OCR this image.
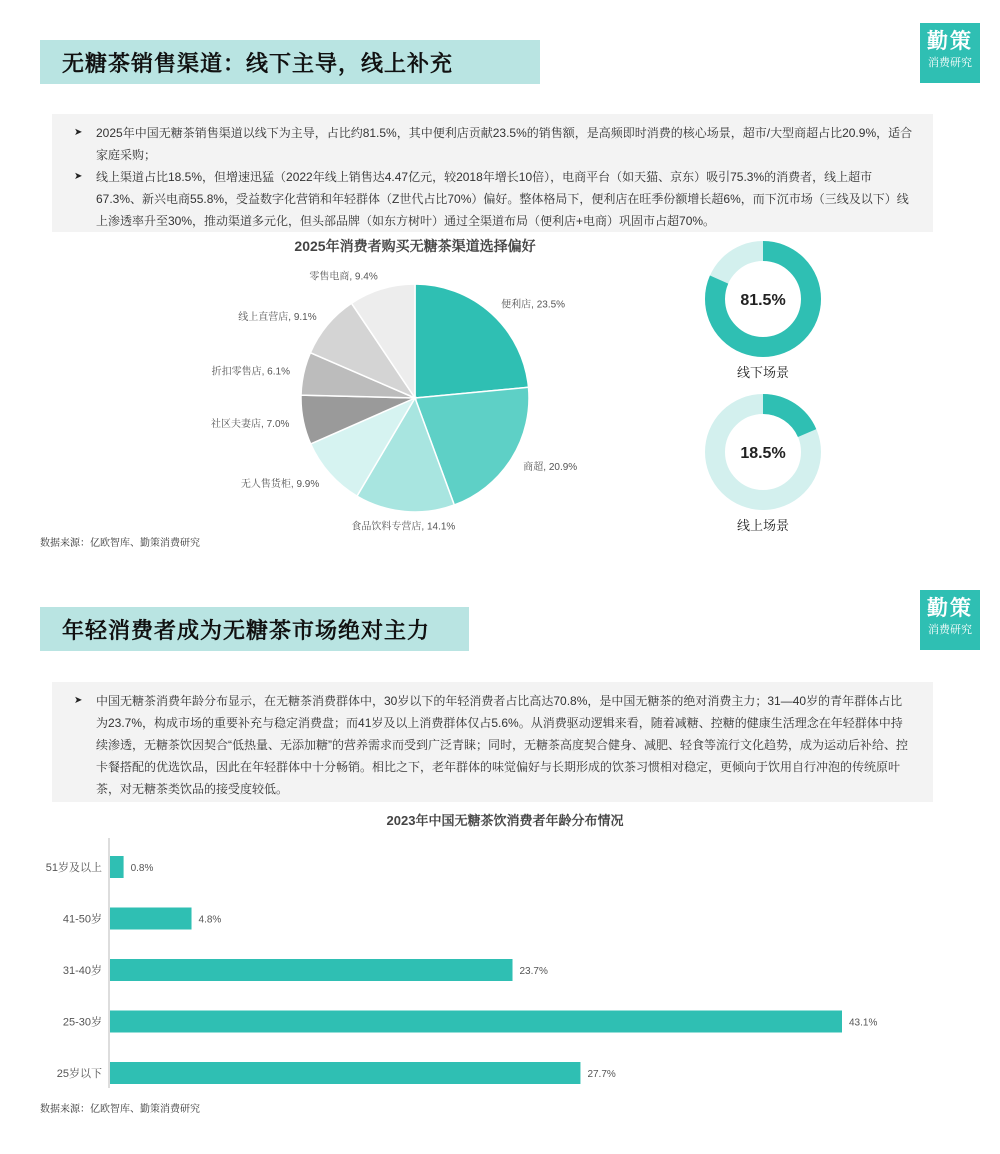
无糖茶销售渠道：线下主导，线上补充
勤策
消费研究

➤ 2025年中国无糖茶销售渠道以线下为主导，占比约81.5%，其中便利店贡献23.5%的销售额，是高频即时消费的核心场景，超市/大型商超占比20.9%，适合家庭采购；

➤ 线上渠道占比18.5%，但增速迅猛（2022年线上销售达4.47亿元，较2018年增长10倍），电商平台（如天猫、京东）吸引75.3%的消费者，线上超市67.3%、新兴电商55.8%，受益数字化营销和年轻群体（Z世代占比70%）偏好。整体格局下，便利店在旺季份额增长超6%，而下沉市场（三线及以下）线上渗透率升至30%，推动渠道多元化，但头部品牌（如东方树叶）通过全渠道布局（便利店+电商）巩固市占超70%。

2025年消费者购买无糖茶渠道选择偏好
便利店, 23.5%
商超, 20.9%
食品饮料专营店, 14.1%
无人售货柜, 9.9%
社区夫妻店, 7.0%
折扣零售店, 6.1%
线上直营店, 9.1%
零售电商, 9.4%
81.5%
线下场景
18.5%
线上场景
数据来源：亿欧智库、勤策消费研究
年轻消费者成为无糖茶市场绝对主力
勤策
消费研究

➤ 中国无糖茶消费年龄分布显示，在无糖茶消费群体中，30岁以下的年轻消费者占比高达70.8%，是中国无糖茶的绝对消费主力；31—40岁的青年群体占比为23.7%，构成市场的重要补充与稳定消费盘；而41岁及以上消费群体仅占5.6%。从消费驱动逻辑来看，随着减糖、控糖的健康生活理念在年轻群体中持续渗透，无糖茶饮因契合“低热量、无添加糖”的营养需求而受到广泛青睐；同时，无糖茶高度契合健身、减肥、轻食等流行文化趋势，成为运动后补给、控卡餐搭配的优选饮品，因此在年轻群体中十分畅销。相比之下，老年群体的味觉偏好与长期形成的饮茶习惯相对稳定，更倾向于饮用自行冲泡的传统原叶茶，对无糖茶类饮品的接受度较低。

2023年中国无糖茶饮消费者年龄分布情况
51岁及以上	0.8%
41-50岁	4.8%
31-40岁	23.7%
25-30岁	43.1%
25岁以下	27.7%
数据来源：亿欧智库、勤策消费研究
